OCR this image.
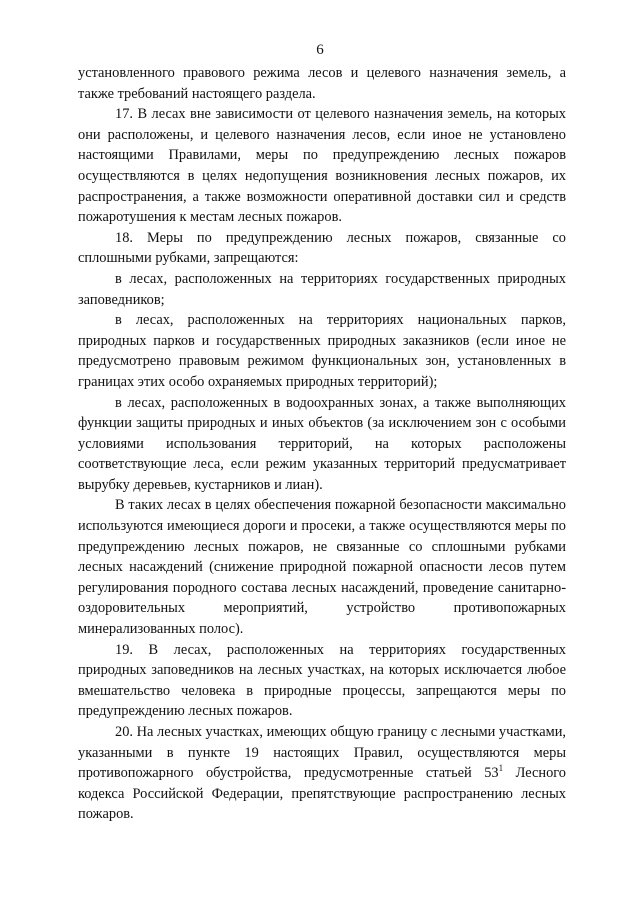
6

установленного правового режима лесов и целевого назначения земель, а также требований настоящего раздела.

17. В лесах вне зависимости от целевого назначения земель, на которых они расположены, и целевого назначения лесов, если иное не установлено настоящими Правилами, меры по предупреждению лесных пожаров осуществляются в целях недопущения возникновения лесных пожаров, их распространения, а также возможности оперативной доставки сил и средств пожаротушения к местам лесных пожаров.

18. Меры по предупреждению лесных пожаров, связанные со сплошными рубками, запрещаются:

в лесах, расположенных на территориях государственных природных заповедников;

в лесах, расположенных на территориях национальных парков, природных парков и государственных природных заказников (если иное не предусмотрено правовым режимом функциональных зон, установленных в границах этих особо охраняемых природных территорий);

в лесах, расположенных в водоохранных зонах, а также выполняющих функции защиты природных и иных объектов (за исключением зон с особыми условиями использования территорий, на которых расположены соответствующие леса, если режим указанных территорий предусматривает вырубку деревьев, кустарников и лиан).

В таких лесах в целях обеспечения пожарной безопасности максимально используются имеющиеся дороги и просеки, а также осуществляются меры по предупреждению лесных пожаров, не связанные со сплошными рубками лесных насаждений (снижение природной пожарной опасности лесов путем регулирования породного состава лесных насаждений, проведение санитарно-оздоровительных мероприятий, устройство противопожарных минерализованных полос).

19. В лесах, расположенных на территориях государственных природных заповедников на лесных участках, на которых исключается любое вмешательство человека в природные процессы, запрещаются меры по предупреждению лесных пожаров.

20. На лесных участках, имеющих общую границу с лесными участками, указанными в пункте 19 настоящих Правил, осуществляются меры противопожарного обустройства, предусмотренные статьей $53^1$ Лесного кодекса Российской Федерации, препятствующие распространению лесных пожаров.
